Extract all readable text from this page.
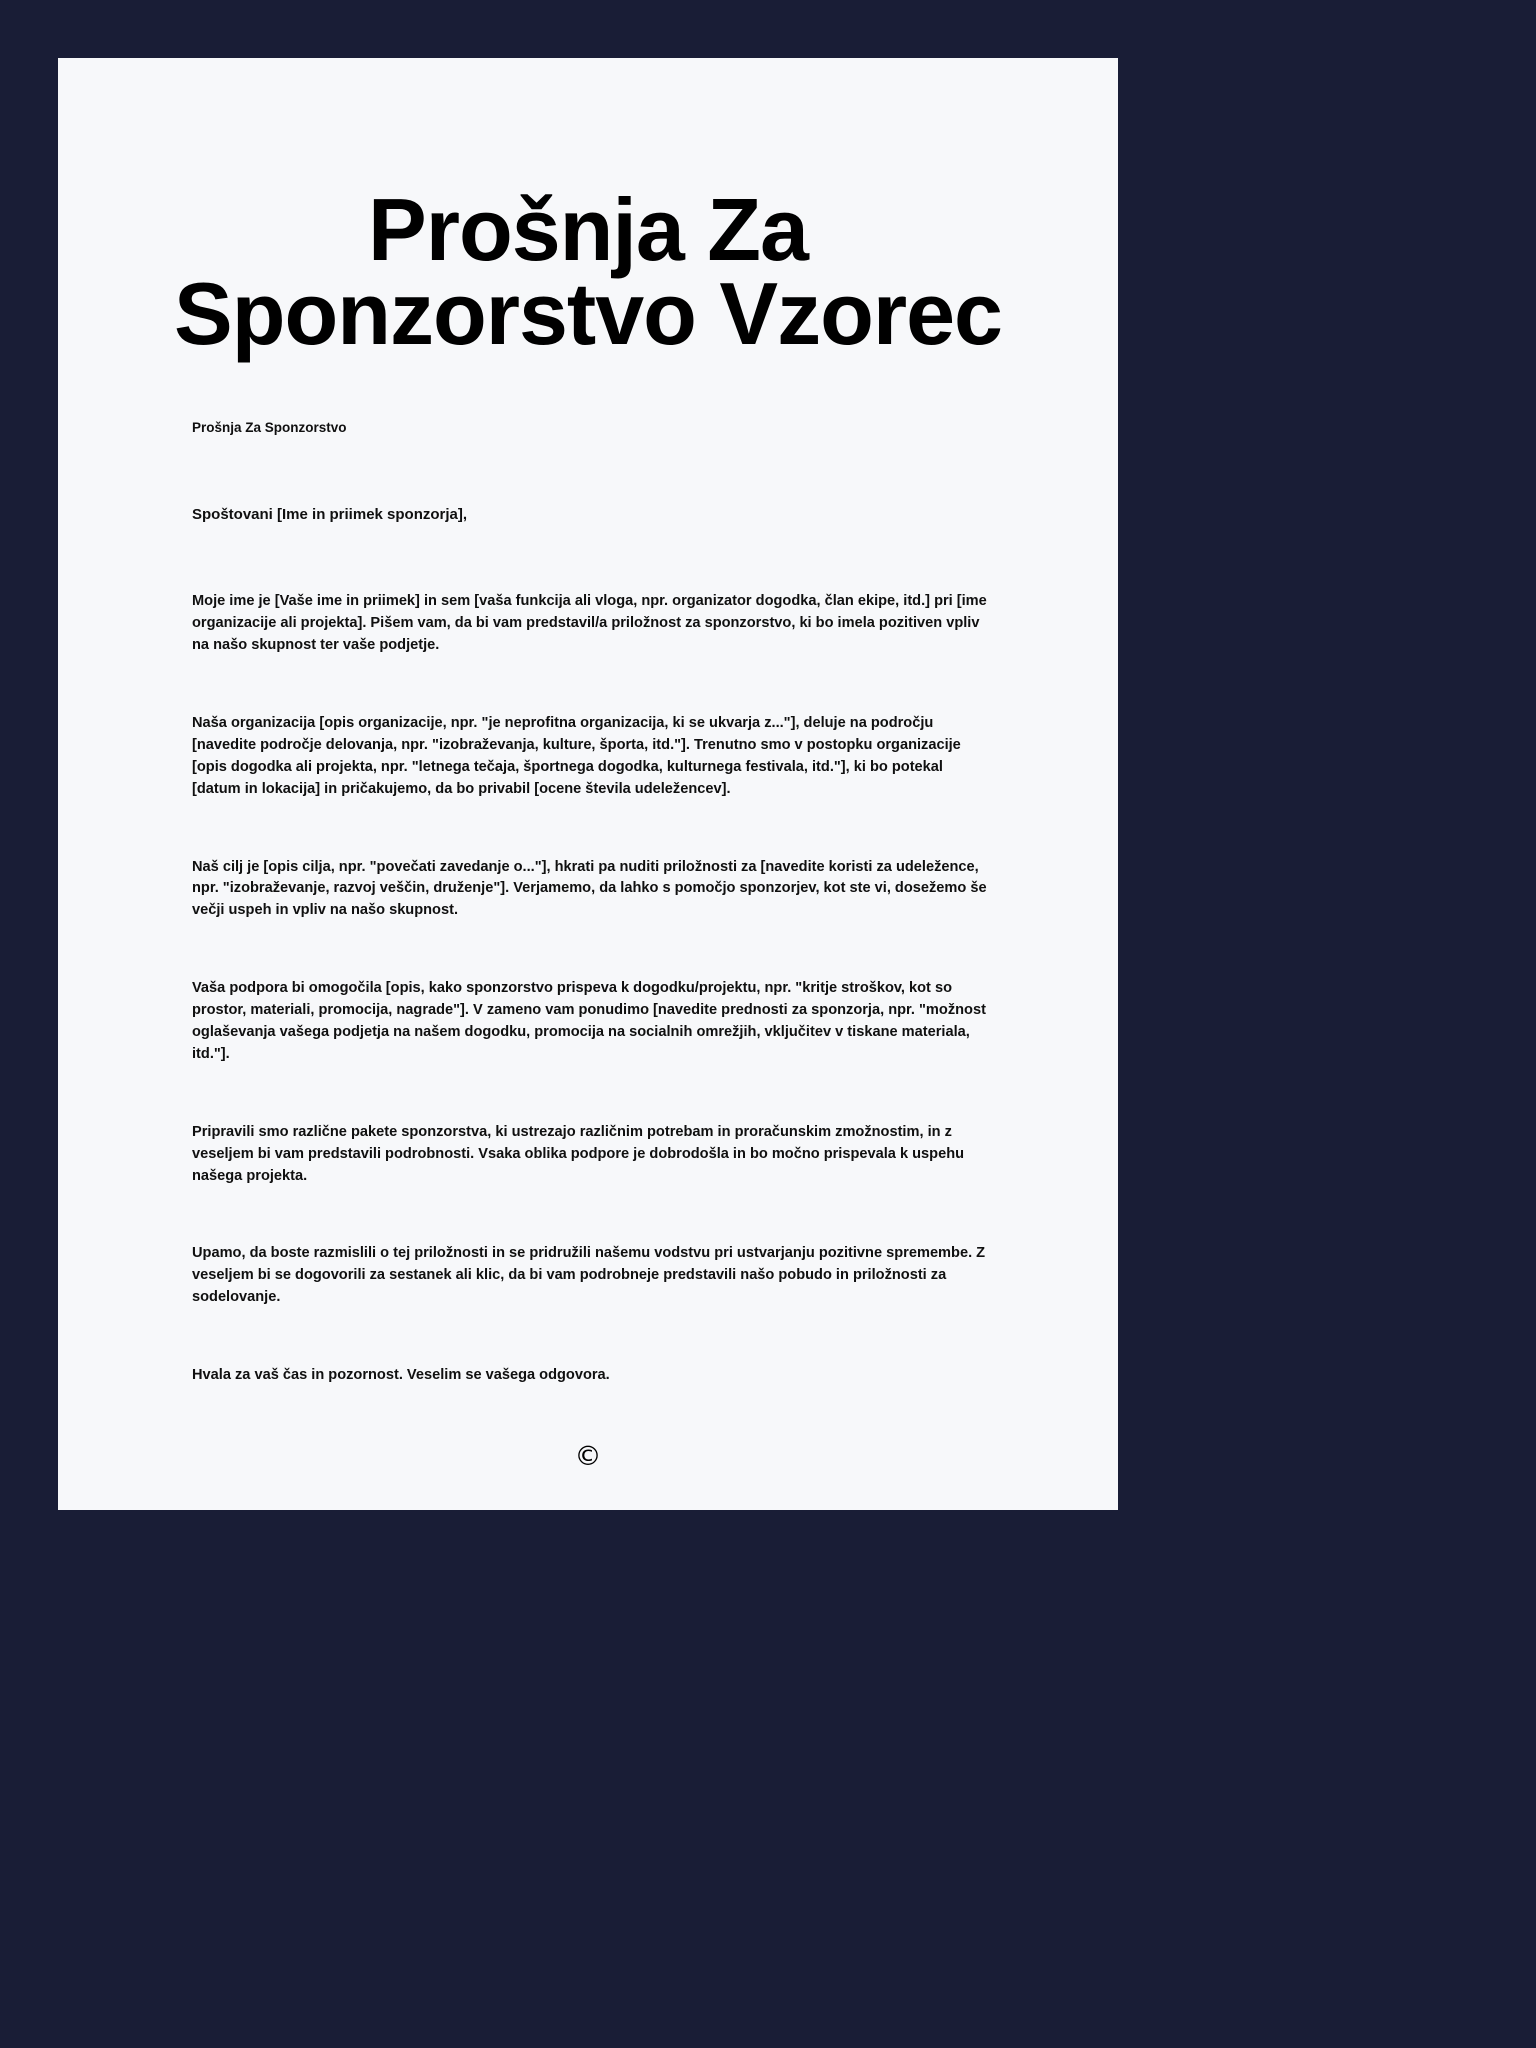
Prošnja Za Sponzorstvo Vzorec

Prošnja Za Sponzorstvo

Spoštovani [Ime in priimek sponzorja],

Moje ime je [Vaše ime in priimek] in sem [vaša funkcija ali vloga, npr. organizator dogodka, član ekipe, itd.] pri [ime organizacije ali projekta]. Pišem vam, da bi vam predstavil/a priložnost za sponzorstvo, ki bo imela pozitiven vpliv na našo skupnost ter vaše podjetje.

Naša organizacija [opis organizacije, npr. "je neprofitna organizacija, ki se ukvarja z..."], deluje na področju [navedite področje delovanja, npr. "izobraževanja, kulture, športa, itd."]. Trenutno smo v postopku organizacije [opis dogodka ali projekta, npr. "letnega tečaja, športnega dogodka, kulturnega festivala, itd."], ki bo potekal [datum in lokacija] in pričakujemo, da bo privabil [ocene števila udeležencev].

Naš cilj je [opis cilja, npr. "povečati zavedanje o..."], hkrati pa nuditi priložnosti za [navedite koristi za udeležence, npr. "izobraževanje, razvoj veščin, druženje"]. Verjamemo, da lahko s pomočjo sponzorjev, kot ste vi, dosežemo še večji uspeh in vpliv na našo skupnost.

Vaša podpora bi omogočila [opis, kako sponzorstvo prispeva k dogodku/projektu, npr. "kritje stroškov, kot so prostor, materiali, promocija, nagrade"]. V zameno vam ponudimo [navedite prednosti za sponzorja, npr. "možnost oglaševanja vašega podjetja na našem dogodku, promocija na socialnih omrežjih, vključitev v tiskane materiala, itd."].

Pripravili smo različne pakete sponzorstva, ki ustrezajo različnim potrebam in proračunskim zmožnostim, in z veseljem bi vam predstavili podrobnosti. Vsaka oblika podpore je dobrodošla in bo močno prispevala k uspehu našega projekta.

Upamo, da boste razmislili o tej priložnosti in se pridružili našemu vodstvu pri ustvarjanju pozitivne spremembe. Z veseljem bi se dogovorili za sestanek ali klic, da bi vam podrobneje predstavili našo pobudo in priložnosti za sodelovanje.

Hvala za vaš čas in pozornost. Veselim se vašega odgovora.

©
